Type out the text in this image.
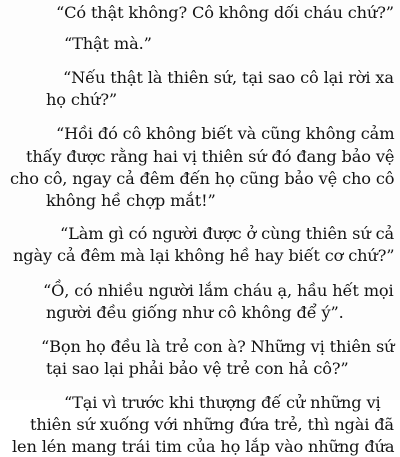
“Có thật không? Cô không dối cháu chứ?”
“Thật mà.”
“Nếu thật là thiên sứ, tại sao cô lại rời xa
họ chứ?”
“Hồi đó cô không biết và cũng không cảm
thấy được rằng hai vị thiên sứ đó đang bảo vệ
cho cô, ngay cả đêm đến họ cũng bảo vệ cho cô
không hề chợp mắt!”
“Làm gì có người được ở cùng thiên sứ cả
ngày cả đêm mà lại không hề hay biết cơ chứ?”
“Ồ, có nhiều người lắm cháu ạ, hầu hết mọi
người đều giống như cô không để ý”.
“Bọn họ đều là trẻ con à? Những vị thiên sứ
tại sao lại phải bảo vệ trẻ con hả cô?”
“Tại vì trước khi thượng đế cử những vị
thiên sứ xuống với những đứa trẻ, thì ngài đã
len lén mang trái tim của họ lắp vào những đứa
